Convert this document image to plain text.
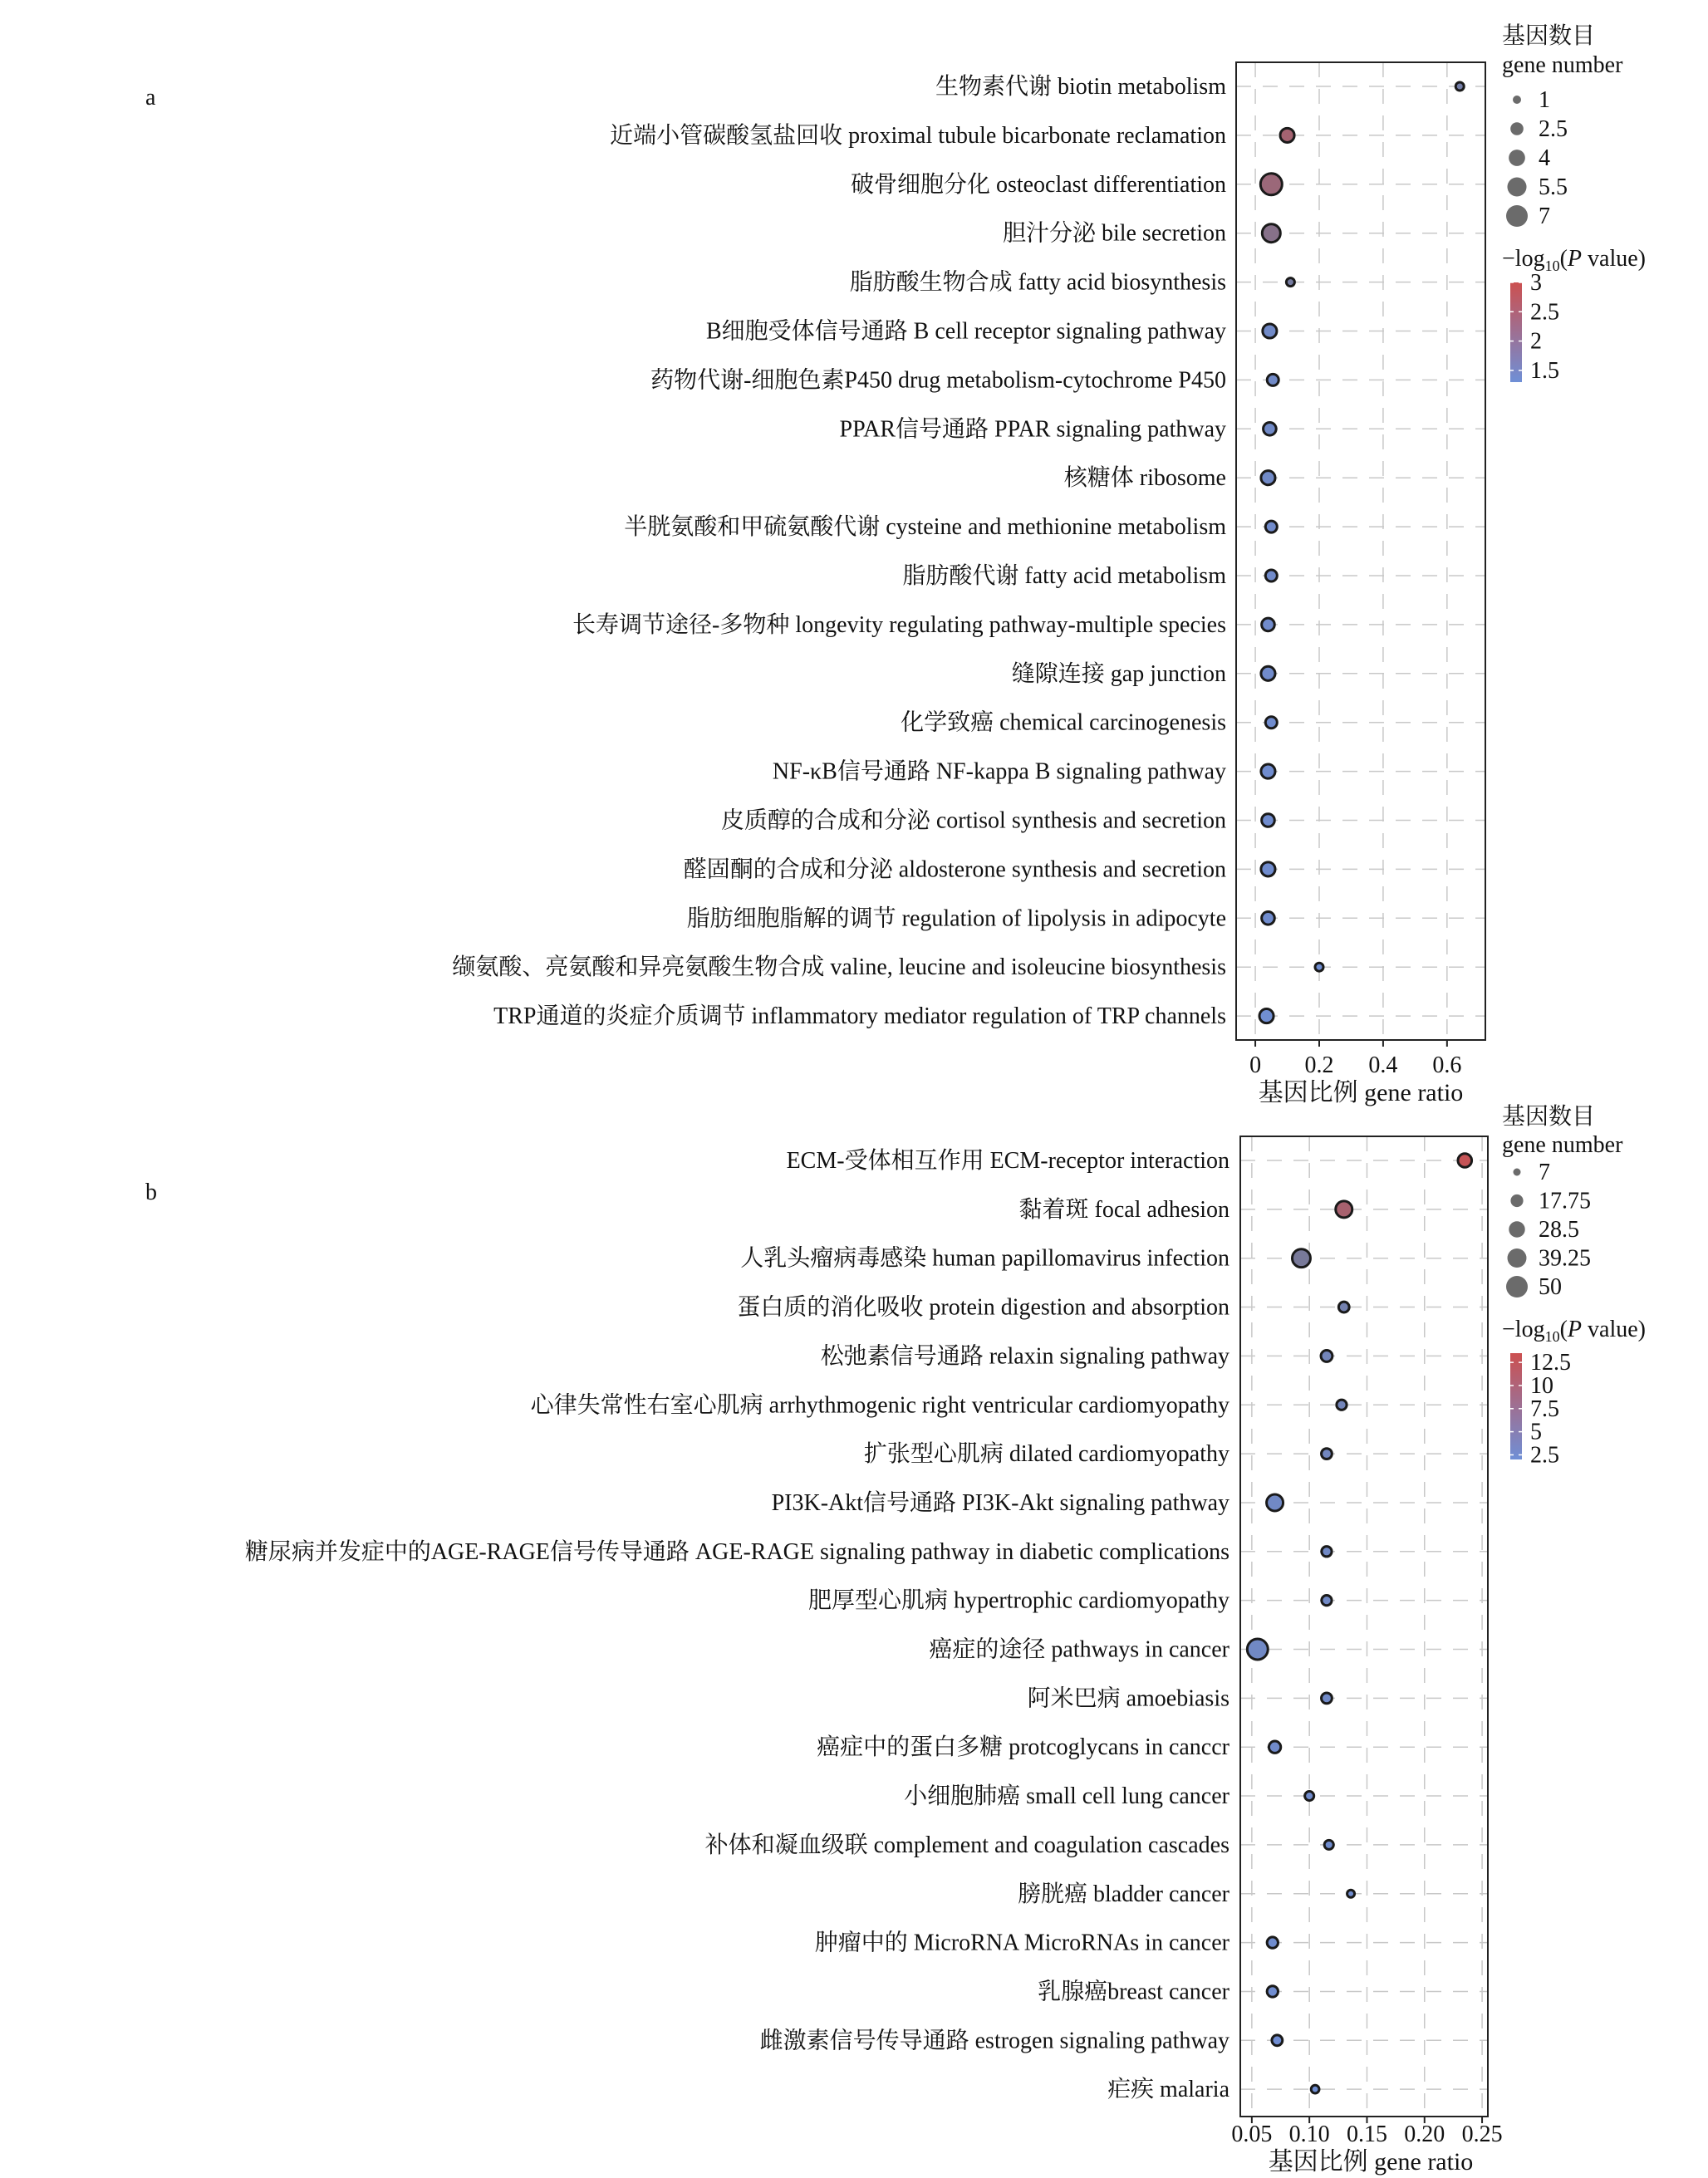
a	生物素代谢 biotin metabolism
近端小管碳酸氢盐回收 proximal tubule bicarbonate reclamation
破骨细胞分化 osteoclast differentiation
胆汁分泌 bile secretion
脂肪酸生物合成 fatty acid biosynthesis
B细胞受体信号通路 B cell receptor signaling pathway
药物代谢-细胞色素P450 drug metabolism-cytochrome P450
PPAR信号通路 PPAR signaling pathway
核糖体 ribosome
半胱氨酸和甲硫氨酸代谢 cysteine and methionine metabolism
脂肪酸代谢 fatty acid metabolism
长寿调节途径-多物种 longevity regulating pathway-multiple species
缝隙连接 gap junction
化学致癌 chemical carcinogenesis
NF-κB信号通路 NF-kappa B signaling pathway
皮质醇的合成和分泌 cortisol synthesis and secretion
醛固酮的合成和分泌 aldosterone synthesis and secretion
脂肪细胞脂解的调节 regulation of lipolysis in adipocyte
缬氨酸、亮氨酸和异亮氨酸生物合成 valine, leucine and isoleucine biosynthesis
TRP通道的炎症介质调节 inflammatory mediator regulation of TRP channels
0 0.2 0.4 0.6
基因比例 gene ratio
基因数目
gene number
1
2.5
4
5.5
7
$-\log_{10}(P$ value)
3
2.5
2
1.5
b
ECM-受体相互作用 ECM-receptor interaction
黏着斑 focal adhesion
人乳头瘤病毒感染 human papillomavirus infection
蛋白质的消化吸收 protein digestion and absorption
松弛素信号通路 relaxin signaling pathway
心律失常性右室心肌病 arrhythmogenic right ventricular cardiomyopathy
扩张型心肌病 dilated cardiomyopathy
PI3K-Akt信号通路 PI3K-Akt signaling pathway
糖尿病并发症中的AGE-RAGE信号传导通路 AGE-RAGE signaling pathway in diabetic complications
肥厚型心肌病 hypertrophic cardiomyopathy
癌症的途径 pathways in cancer
阿米巴病 amoebiasis
癌症中的蛋白多糖 protcoglycans in canccr
小细胞肺癌 small cell lung cancer
补体和凝血级联 complement and coagulation cascades
膀胱癌 bladder cancer
肿瘤中的 MicroRNA MicroRNAs in cancer
乳腺癌breast cancer
雌激素信号传导通路 estrogen signaling pathway
疟疾 malaria
0.05 0.10 0.15 0.20 0.25
基因比例 gene ratio
基因数目
gene number
7
17.75
28.5
39.25
50
$-\log_{10}(P$ value)
12.5
10
7.5
5
2.5
